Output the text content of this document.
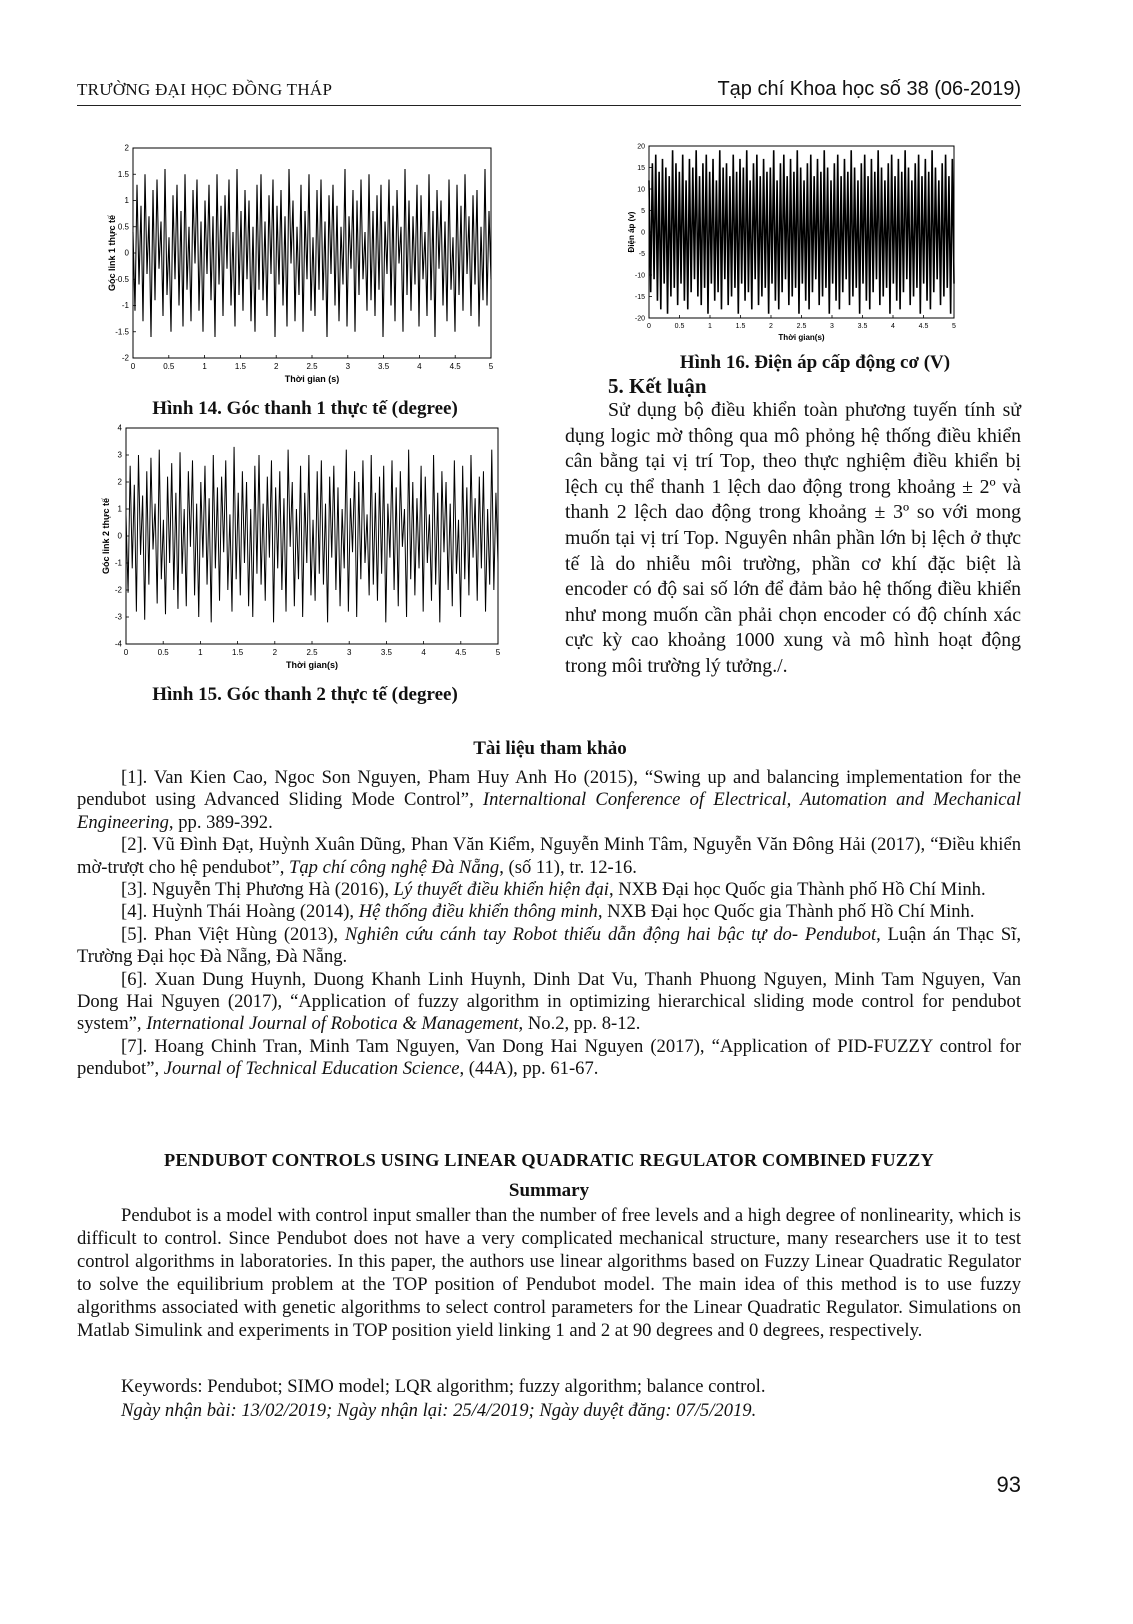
TRƯỜNG ĐẠI HỌC ĐỒNG THÁP	Tạp chí Khoa học số 38 (06-2019)
0	0.5	1	1.5	2	2.5	3	3.5	4	4.5	5
2
1.5
1
0.5
0
-0.5
-1
-1.5
-2
Thời gian (s)
Góc link 1 thực tế
Hình 14. Góc thanh 1 thực tế (degree)
0	0.5	1	1.5	2	2.5	3	3.5	4	4.5	5
4
3
2
1
0
-1
-2
-3
-4
Thời gian(s)
Góc link 2 thực tế
Hình 15. Góc thanh 2 thực tế (degree)
0	0.5	1	1.5	2	2.5	3	3.5	4	4.5	5
20
15
10
5
0
-5
-10
-15
-20
Thời gian(s)
Điện áp (v)
Hình 16. Điện áp cấp động cơ (V)
5. Kết luận

Sử dụng bộ điều khiển toàn phương tuyến tính sử dụng logic mờ thông qua mô phỏng hệ thống điều khiển cân bằng tại vị trí Top, theo thực nghiệm điều khiển bị lệch cụ thể thanh 1 lệch dao động trong khoảng ± 2º và thanh 2 lệch dao động trong khoảng ± 3º so với mong muốn tại vị trí Top. Nguyên nhân phần lớn bị lệch ở thực tế là do nhiễu môi trường, phần cơ khí đặc biệt là encoder có độ sai số lớn để đảm bảo hệ thống điều khiển như mong muốn cần phải chọn encoder có độ chính xác cực kỳ cao khoảng 1000 xung và mô hình hoạt động trong môi trường lý tưởng./.

Tài liệu tham khảo

[1]. Van Kien Cao, Ngoc Son Nguyen, Pham Huy Anh Ho (2015), “Swing up and balancing implementation for the pendubot using Advanced Sliding Mode Control”, Internaltional Conference of Electrical, Automation and Mechanical Engineering, pp. 389-392.

[2]. Vũ Đình Đạt, Huỳnh Xuân Dũng, Phan Văn Kiểm, Nguyễn Minh Tâm, Nguyễn Văn Đông Hải (2017), “Điều khiển mờ-trượt cho hệ pendubot”, Tạp chí công nghệ Đà Nẵng, (số 11), tr. 12-16.

[3]. Nguyễn Thị Phương Hà (2016), Lý thuyết điều khiển hiện đại, NXB Đại học Quốc gia Thành phố Hồ Chí Minh.

[4]. Huỳnh Thái Hoàng (2014), Hệ thống điều khiển thông minh, NXB Đại học Quốc gia Thành phố Hồ Chí Minh.

[5]. Phan Việt Hùng (2013), Nghiên cứu cánh tay Robot thiếu dẫn động hai bậc tự do- Pendubot, Luận án Thạc Sĩ, Trường Đại học Đà Nẵng, Đà Nẵng.

[6]. Xuan Dung Huynh, Duong Khanh Linh Huynh, Dinh Dat Vu, Thanh Phuong Nguyen, Minh Tam Nguyen, Van Dong Hai Nguyen (2017), “Application of fuzzy algorithm in optimizing hierarchical sliding mode control for pendubot system”, International Journal of Robotica & Management, No.2, pp. 8-12.

[7]. Hoang Chinh Tran, Minh Tam Nguyen, Van Dong Hai Nguyen (2017), “Application of PID-FUZZY control for pendubot”, Journal of Technical Education Science, (44A), pp. 61-67.

PENDUBOT CONTROLS USING LINEAR QUADRATIC REGULATOR COMBINED FUZZY
Summary

Pendubot is a model with control input smaller than the number of free levels and a high degree of nonlinearity, which is difficult to control. Since Pendubot does not have a very complicated mechanical structure, many researchers use it to test control algorithms in laboratories. In this paper, the authors use linear algorithms based on Fuzzy Linear Quadratic Regulator to solve the equilibrium problem at the TOP position of Pendubot model. The main idea of this method is to use fuzzy algorithms associated with genetic algorithms to select control parameters for the Linear Quadratic Regulator. Simulations on Matlab Simulink and experiments in TOP position yield linking 1 and 2 at 90 degrees and 0 degrees, respectively.

Keywords: Pendubot; SIMO model; LQR algorithm; fuzzy algorithm; balance control.
Ngày nhận bài: 13/02/2019; Ngày nhận lại: 25/4/2019; Ngày duyệt đăng: 07/5/2019.
93
